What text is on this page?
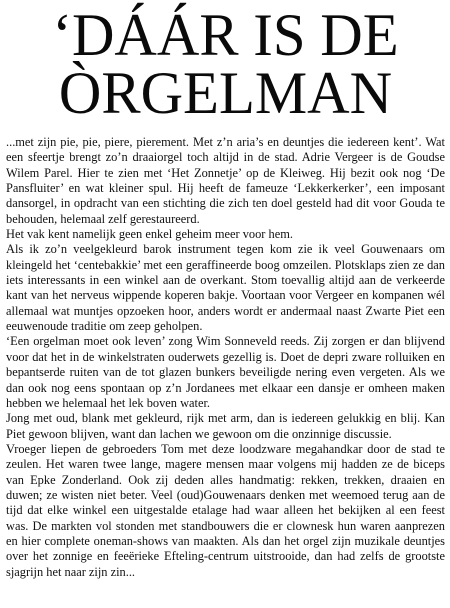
‘DÁÁR IS DE
ÒRGELMAN

...met zijn pie, pie, piere, pierement. Met z’n aria’s en deuntjes die iedereen kent’. Wat een sfeertje brengt zo’n draaiorgel toch altijd in de stad. Adrie Vergeer is de Goudse Wilem Parel. Hier te zien met ‘Het Zonnetje’ op de Kleiweg. Hij bezit ook nog ‘De Pansfluiter’ en wat kleiner spul. Hij heeft de fameuze ‘Lekkerkerker’, een imposant dansorgel, in opdracht van een stichting die zich ten doel gesteld had dit voor Gouda te behouden, helemaal zelf gerestaureerd.

Het vak kent namelijk geen enkel geheim meer voor hem.

Als ik zo’n veelgekleurd barok instrument tegen kom zie ik veel Gouwenaars om kleingeld het ‘centebakkie’ met een geraffineerde boog omzeilen. Plotsklaps zien ze dan iets interessants in een winkel aan de overkant. Stom toevallig altijd aan de verkeerde kant van het nerveus wippende koperen bakje. Voortaan voor Vergeer en kompanen wél allemaal wat muntjes opzoeken hoor, anders wordt er andermaal naast Zwarte Piet een eeuwenoude traditie om zeep geholpen.

‘Een orgelman moet ook leven’ zong Wim Sonneveld reeds. Zij zorgen er dan blijvend voor dat het in de winkelstraten ouderwets gezellig is. Doet de depri zware rolluiken en bepantserde ruiten van de tot glazen bunkers beveiligde nering even vergeten. Als we dan ook nog eens spontaan op z’n Jordanees met elkaar een dansje er omheen maken hebben we helemaal het lek boven water.

Jong met oud, blank met gekleurd, rijk met arm, dan is iedereen gelukkig en blij. Kan Piet gewoon blijven, want dan lachen we gewoon om die onzinnige discussie.

Vroeger liepen de gebroeders Tom met deze loodzware megahandkar door de stad te zeulen. Het waren twee lange, magere mensen maar volgens mij hadden ze de biceps van Epke Zonderland. Ook zij deden alles handmatig: rekken, trekken, draaien en duwen; ze wisten niet beter. Veel (oud)Gouwenaars denken met weemoed terug aan de tijd dat elke winkel een uitgestalde etalage had waar alleen het bekijken al een feest was. De markten vol stonden met standbouwers die er clownesk hun waren aanprezen en hier complete oneman-shows van maakten. Als dan het orgel zijn muzikale deuntjes over het zonnige en feeërieke Efteling-centrum uitstrooide, dan had zelfs de grootste sjagrijn het naar zijn zin...
